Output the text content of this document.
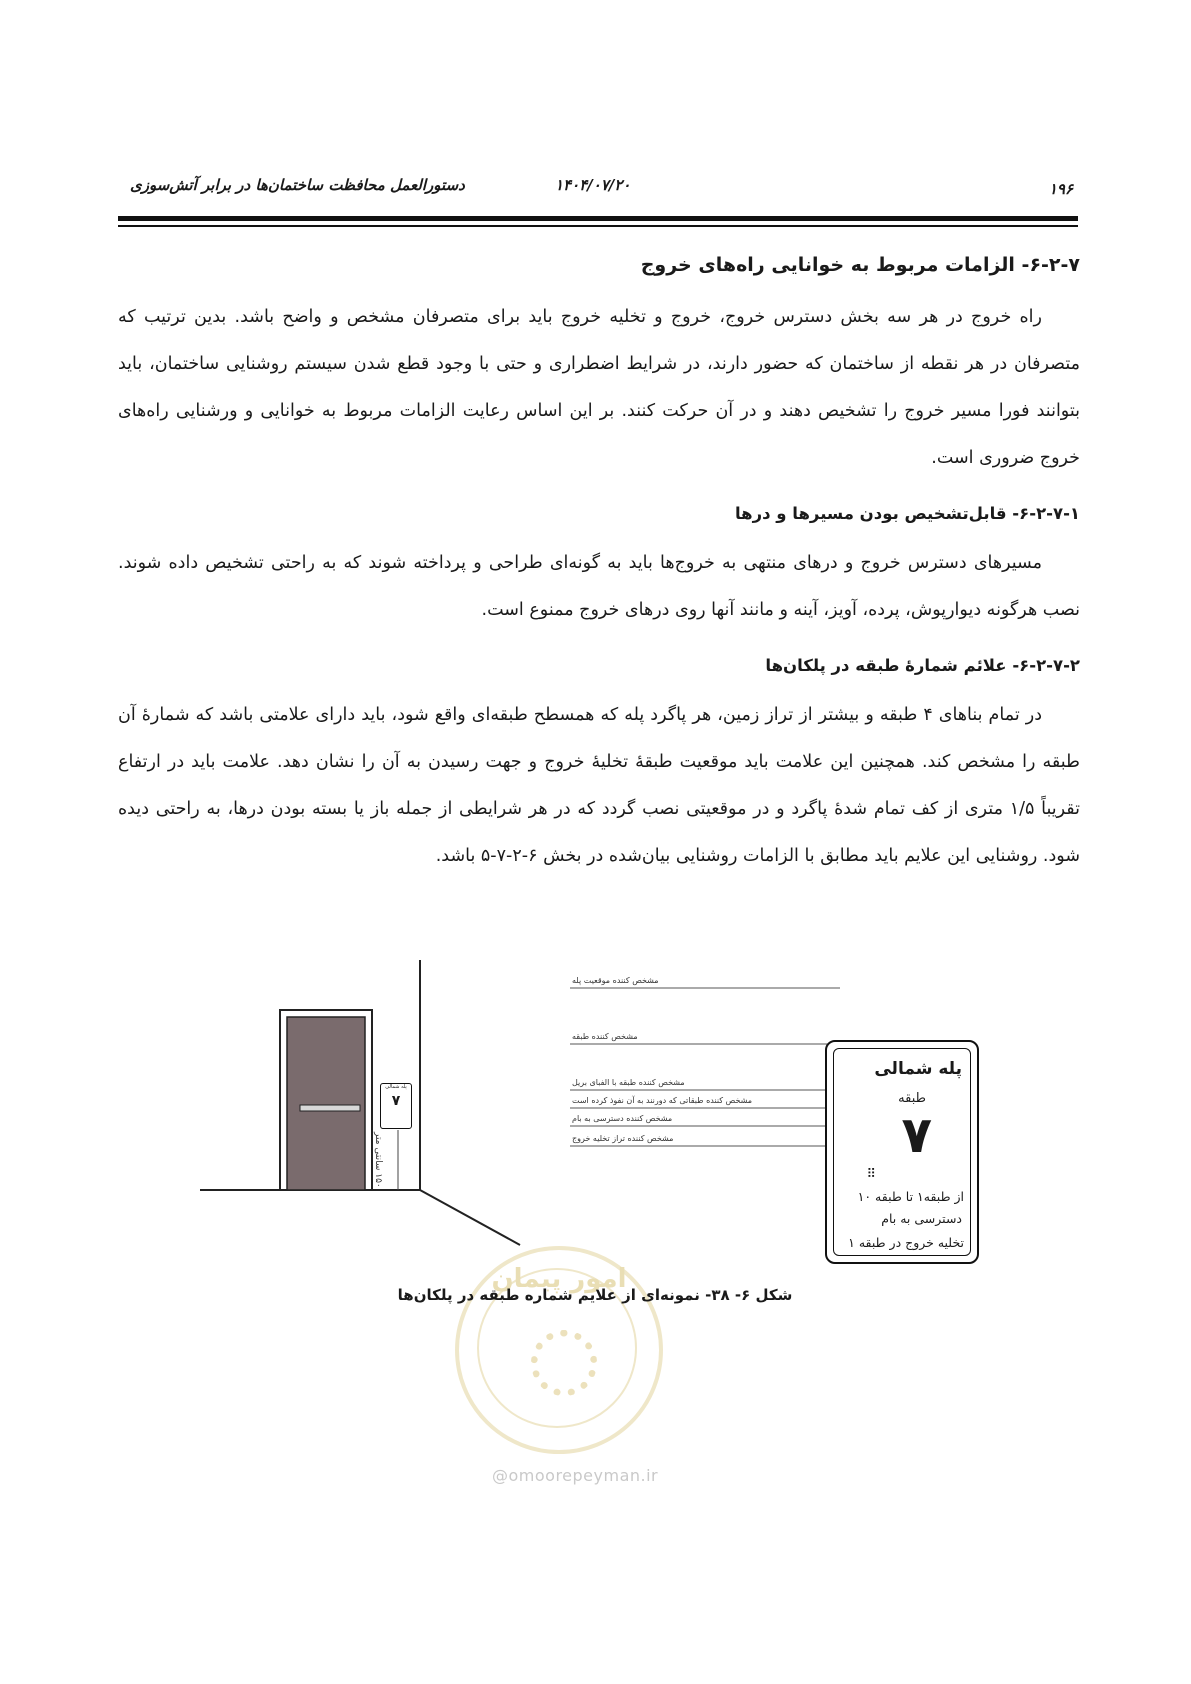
دستورالعمل محافظت ساختمان‌ها در برابر آتش‌سوزی	۱۴۰۴/۰۷/۲۰	۱۹۶
۶-۲-۷- الزامات مربوط به خوانایی راه‌های خروج

راه خروج در هر سه بخش دسترس خروج، خروج و تخلیه خروج باید برای متصرفان مشخص و واضح باشد. بدین ترتیب که متصرفان در هر نقطه از ساختمان که حضور دارند، در شرایط اضطراری و حتی با وجود قطع شدن سیستم روشنایی ساختمان، باید بتوانند فورا مسیر خروج را تشخیص دهند و در آن حرکت کنند. بر این اساس رعایت الزامات مربوط به خوانایی و ورشنایی راه‌های خروج ضروری است.

۶-۲-۷-۱- قابل‌تشخیص بودن مسیرها و درها

مسیرهای دسترس خروج و درهای منتهی به خروج‌ها باید به گونه‌ای طراحی و پرداخته شوند که به راحتی تشخیص داده شوند. نصب هرگونه دیوارپوش، پرده، آویز، آینه و مانند آنها روی درهای خروج ممنوع است.

۶-۲-۷-۲- علائم شمارۀ طبقه در پلکان‌ها

در تمام بناهای ۴ طبقه و بیشتر از تراز زمین، هر پاگرد پله که همسطح طبقه‌ای واقع شود، باید دارای علامتی باشد که شمارۀ آن طبقه را مشخص کند. همچنین این علامت باید موقعیت طبقۀ تخلیۀ خروج و جهت رسیدن به آن را نشان دهد. علامت باید در ارتفاع تقریباً ۱/۵ متری از کف تمام شدۀ پاگرد و در موقعیتی نصب گردد که در هر شرایطی از جمله باز یا بسته بودن درها، به راحتی دیده شود. روشنایی این علایم باید مطابق با الزامات روشنایی بیان‌شده در بخش ۶-۲-۷-۵ باشد.

پله شمالی
۷
۱۵۰ سانتی متر
مشخص کننده موقعیت پله
مشخص کننده طبقه
مشخص کننده طبقه با الفبای بریل
مشخص کننده طبقاتی که دورنند به آن نفوذ کرده است
مشخص کننده دسترسی به بام
مشخص کننده تراز تخلیه خروج
پله شمالی
طبقه
۷
⠿
از طبقه۱ تا طبقه ۱۰
دسترسی به بام
تخلیه خروج در طبقه ۱
امور پیمان
شکل ۶- ۳۸- نمونه‌ای از علایم شماره طبقه در پلکان‌ها
@omoorepeyman.ir
